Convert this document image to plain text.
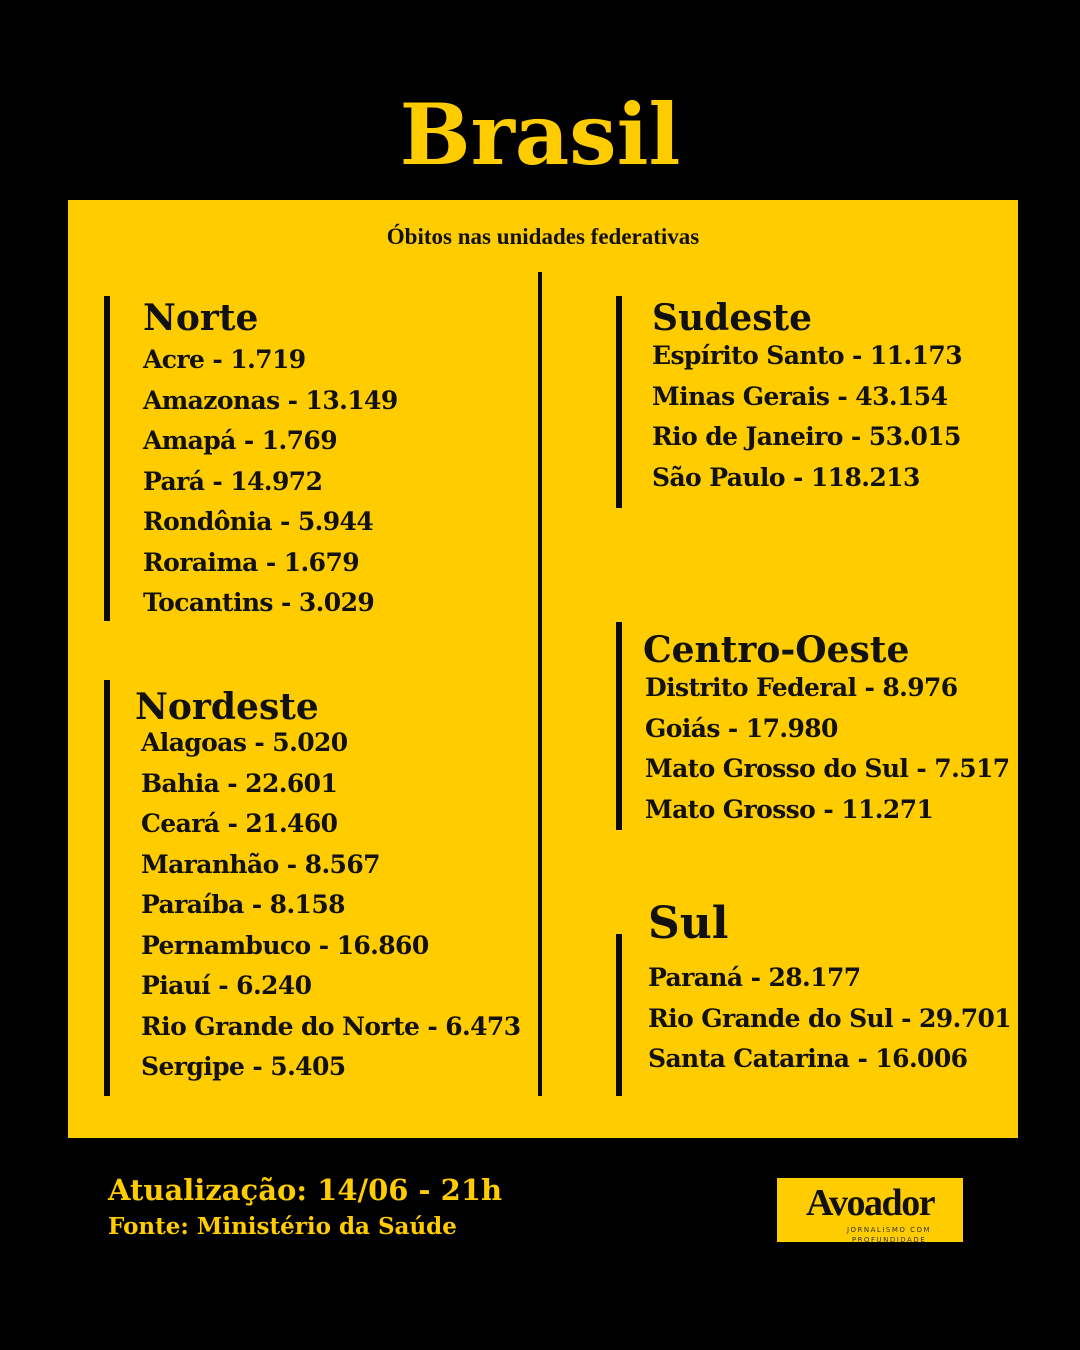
Brasil
Óbitos nas unidades federativas
Norte
Acre - 1.719
Amazonas - 13.149
Amapá - 1.769
Pará - 14.972
Rondônia - 5.944
Roraima - 1.679
Tocantins - 3.029
Nordeste
Alagoas - 5.020
Bahia - 22.601
Ceará - 21.460
Maranhão - 8.567
Paraíba - 8.158
Pernambuco - 16.860
Piauí - 6.240
Rio Grande do Norte - 6.473
Sergipe - 5.405
Sudeste
Espírito Santo - 11.173
Minas Gerais - 43.154
Rio de Janeiro - 53.015
São Paulo - 118.213
Centro-Oeste
Distrito Federal - 8.976
Goiás - 17.980
Mato Grosso do Sul - 7.517
Mato Grosso - 11.271
Sul
Paraná - 28.177
Rio Grande do Sul - 29.701
Santa Catarina - 16.006
Atualização: 14/06 - 21h
Fonte: Ministério da Saúde
Avoador
JORNALISMO COM PROFUNDIDADE
